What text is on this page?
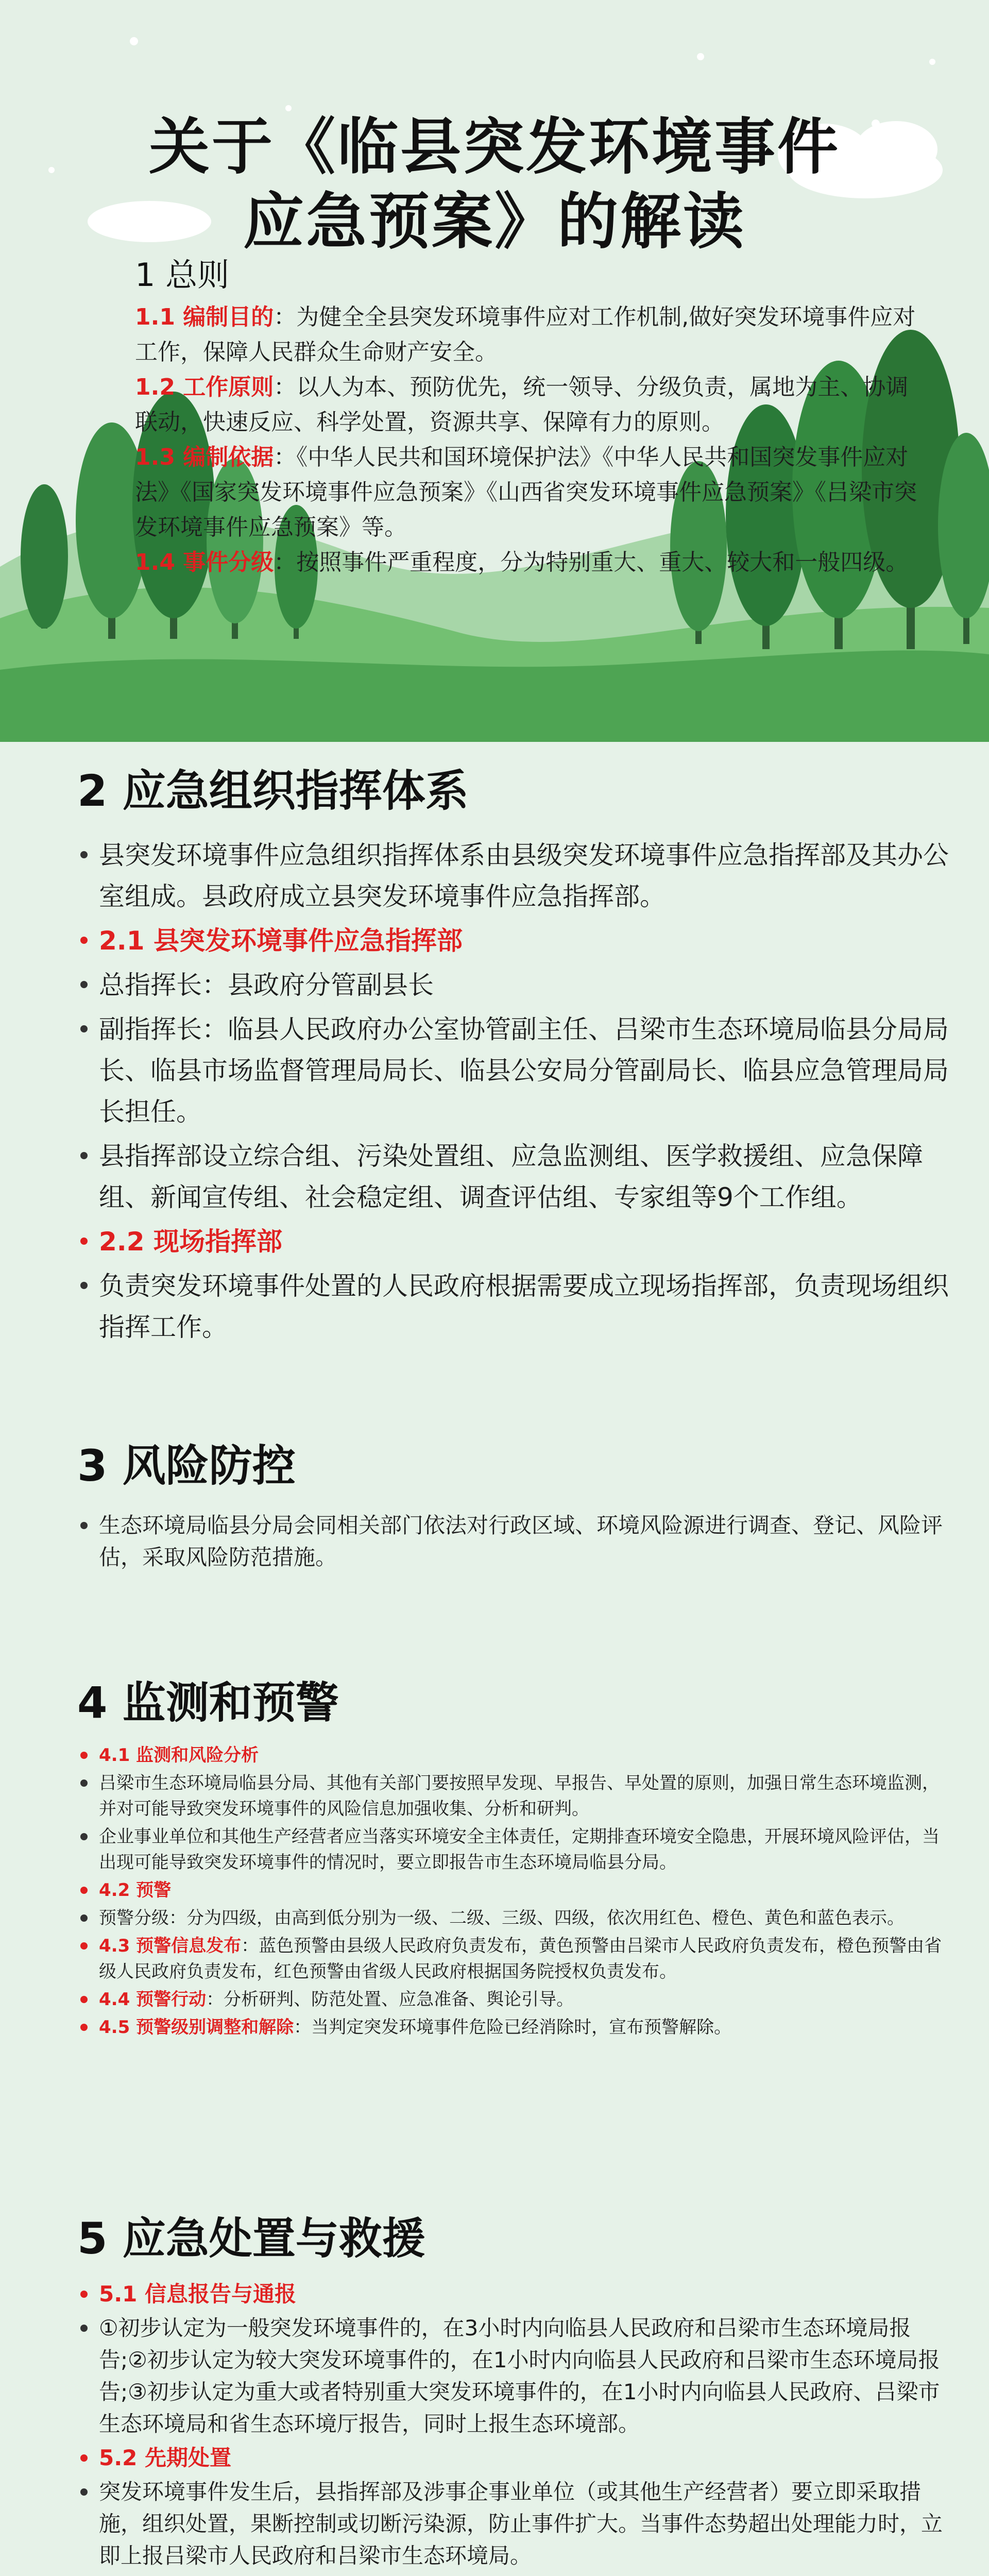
关于《临县突发环境事件
应急预案》的解读
1 总则
1.1 编制目的：为健全全县突发环境事件应对工作机制,做好突发环境事件应对工作，保障人民群众生命财产安全。
1.2 工作原则：以人为本、预防优先，统一领导、分级负责，属地为主、协调联动，快速反应、科学处置，资源共享、保障有力的原则。
1.3 编制依据：《中华人民共和国环境保护法》《中华人民共和国突发事件应对法》《国家突发环境事件应急预案》《山西省突发环境事件应急预案》《吕梁市突发环境事件应急预案》等。
1.4 事件分级：按照事件严重程度，分为特别重大、重大、较大和一般四级。
2 应急组织指挥体系
县突发环境事件应急组织指挥体系由县级突发环境事件应急指挥部及其办公室组成。县政府成立县突发环境事件应急指挥部。
2.1 县突发环境事件应急指挥部
总指挥长：县政府分管副县长
副指挥长：临县人民政府办公室协管副主任、吕梁市生态环境局临县分局局长、临县市场监督管理局局长、临县公安局分管副局长、临县应急管理局局长担任。
县指挥部设立综合组、污染处置组、应急监测组、医学救援组、应急保障组、新闻宣传组、社会稳定组、调查评估组、专家组等9个工作组。
2.2 现场指挥部
负责突发环境事件处置的人民政府根据需要成立现场指挥部，负责现场组织指挥工作。
3 风险防控
生态环境局临县分局会同相关部门依法对行政区域、环境风险源进行调查、登记、风险评估，采取风险防范措施。
4 监测和预警
4.1 监测和风险分析
吕梁市生态环境局临县分局、其他有关部门要按照早发现、早报告、早处置的原则，加强日常生态环境监测，并对可能导致突发环境事件的风险信息加强收集、分析和研判。
企业事业单位和其他生产经营者应当落实环境安全主体责任，定期排查环境安全隐患，开展环境风险评估，当出现可能导致突发环境事件的情况时，要立即报告市生态环境局临县分局。
4.2 预警
预警分级：分为四级，由高到低分别为一级、二级、三级、四级，依次用红色、橙色、黄色和蓝色表示。
4.3 预警信息发布：蓝色预警由县级人民政府负责发布，黄色预警由吕梁市人民政府负责发布，橙色预警由省级人民政府负责发布，红色预警由省级人民政府根据国务院授权负责发布。
4.4 预警行动：分析研判、防范处置、应急准备、舆论引导。
4.5 预警级别调整和解除：当判定突发环境事件危险已经消除时，宣布预警解除。
5 应急处置与救援
5.1 信息报告与通报
①初步认定为一般突发环境事件的，在3小时内向临县人民政府和吕梁市生态环境局报告;②初步认定为较大突发环境事件的，在1小时内向临县人民政府和吕梁市生态环境局报告;③初步认定为重大或者特别重大突发环境事件的，在1小时内向临县人民政府、吕梁市生态环境局和省生态环境厅报告，同时上报生态环境部。
5.2 先期处置
突发环境事件发生后，县指挥部及涉事企事业单位（或其他生产经营者）要立即采取措施，组织处置，果断控制或切断污染源，防止事件扩大。当事件态势超出处理能力时，立即上报吕梁市人民政府和吕梁市生态环境局。
